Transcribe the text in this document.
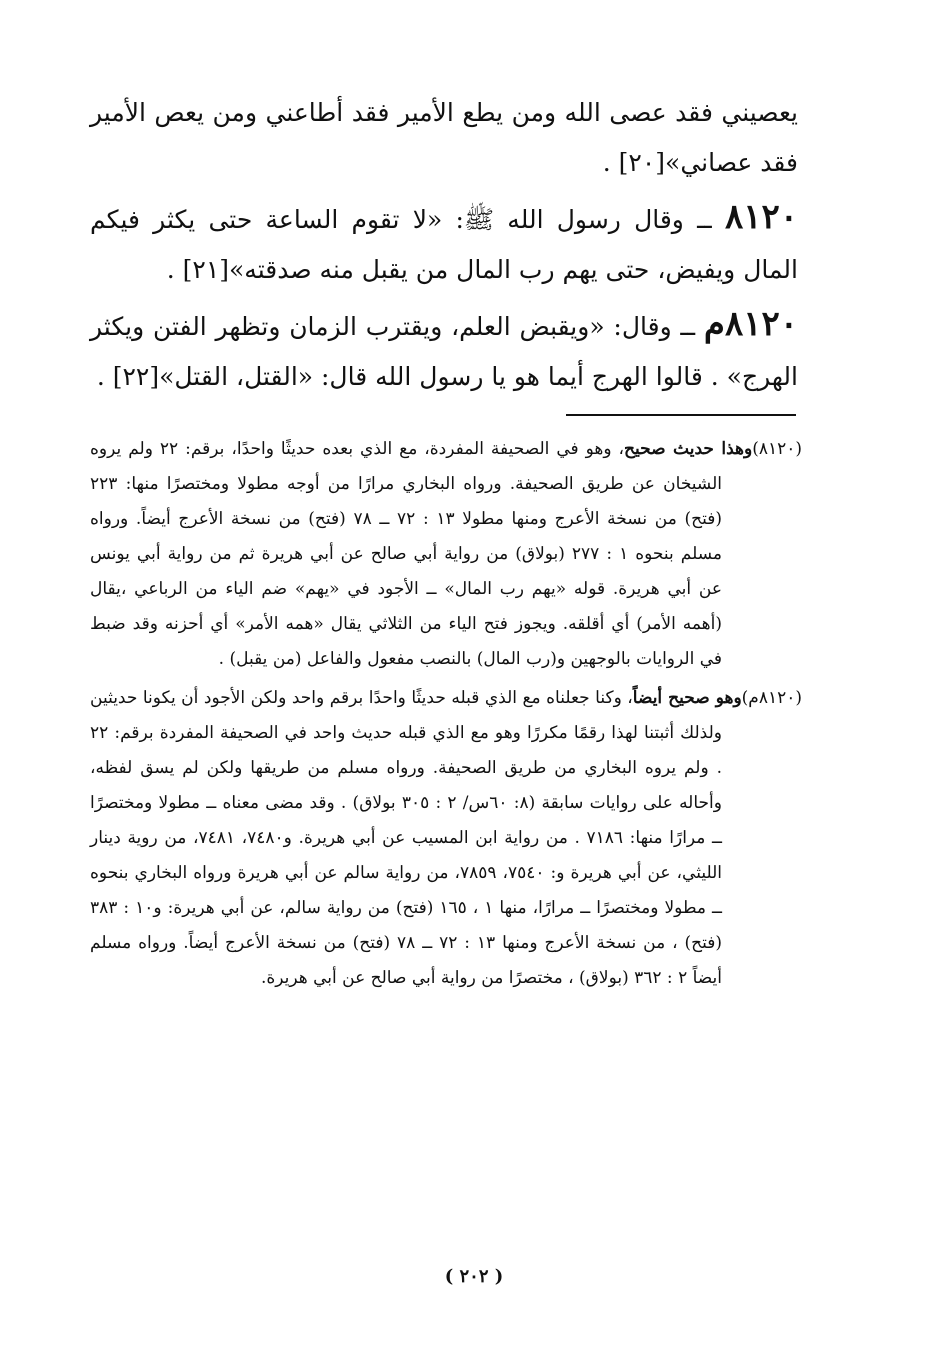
يعصيني فقد عصى الله ومن يطع الأمير فقد أطاعني ومن يعص الأمير فقد عصاني»[٢٠] .

٨١٢٠ ــ وقال رسول الله ﷺ: «لا تقوم الساعة حتى يكثر فيكم المال ويفيض، حتى يهم رب المال من يقبل منه صدقته»[٢١] .

٨١٢٠م ــ وقال: «ويقبض العلم، ويقترب الزمان وتظهر الفتن ويكثر الهرج» . قالوا الهرج أيما هو يا رسول الله قال: «القتل، القتل»[٢٢] .

(٨١٢٠)وهذا حديث صحيح، وهو في الصحيفة المفردة، مع الذي بعده حديثًا واحدًا، برقم: ٢٢ ولم يروه الشيخان عن طريق الصحيفة. ورواه البخاري مرارًا من أوجه مطولا ومختصرًا منها: ٢٢٣ (فتح) من نسخة الأعرج ومنها مطولا ١٣ : ٧٢ ــ ٧٨ (فتح) من نسخة الأعرج أيضاً. ورواه مسلم بنحوه ١ : ٢٧٧ (بولاق) من رواية أبي صالح عن أبي هريرة ثم من رواية أبي يونس عن أبي هريرة. قوله «يهم رب المال» ــ الأجود في «يهم» ضم الياء من الرباعي ،يقال (أهمه الأمر) أي أقلقه. ويجوز فتح الياء من الثلاثي يقال «همه الأمر» أي أحزنه وقد ضبط في الروايات بالوجهين و(رب المال) بالنصب مفعول والفاعل (من يقبل) .

(٨١٢٠م)وهو صحيح أيضاً، وكنا جعلناه مع الذي قبله حديثًا واحدًا برقم واحد ولكن الأجود أن يكونا حديثين ولذلك أثبتنا لهذا رقمًا مكررًا وهو مع الذي قبله حديث واحد في الصحيفة المفردة برقم: ٢٢ . ولم يروه البخاري من طريق الصحيفة. ورواه مسلم من طريقها ولكن لم يسق لفظه، وأحاله على روايات سابقة (٨: ٦٠س/ ٢ : ٣٠٥ بولاق) . وقد مضى معناه ــ مطولا ومختصرًا ــ مرارًا منها: ٧١٨٦ . من رواية ابن المسيب عن أبي هريرة. و٧٤٨٠، ٧٤٨١، من روية دينار الليثي، عن أبي هريرة و: ٧٥٤٠، ٧٨٥٩، من رواية سالم عن أبي هريرة ورواه البخاري بنحوه ــ مطولا ومختصرًا ــ مرارًا، منها ١ ، ١٦٥ (فتح) من رواية سالم، عن أبي هريرة: و١٠ : ٣٨٣ (فتح) ، من نسخة الأعرج ومنها ١٣ : ٧٢ ــ ٧٨ (فتح) من نسخة الأعرج أيضاً. ورواه مسلم أيضاً ٢ : ٣٦٢ (بولاق) ، مختصرًا من رواية أبي صالح عن أبي هريرة.

( ٢٠٢ )
